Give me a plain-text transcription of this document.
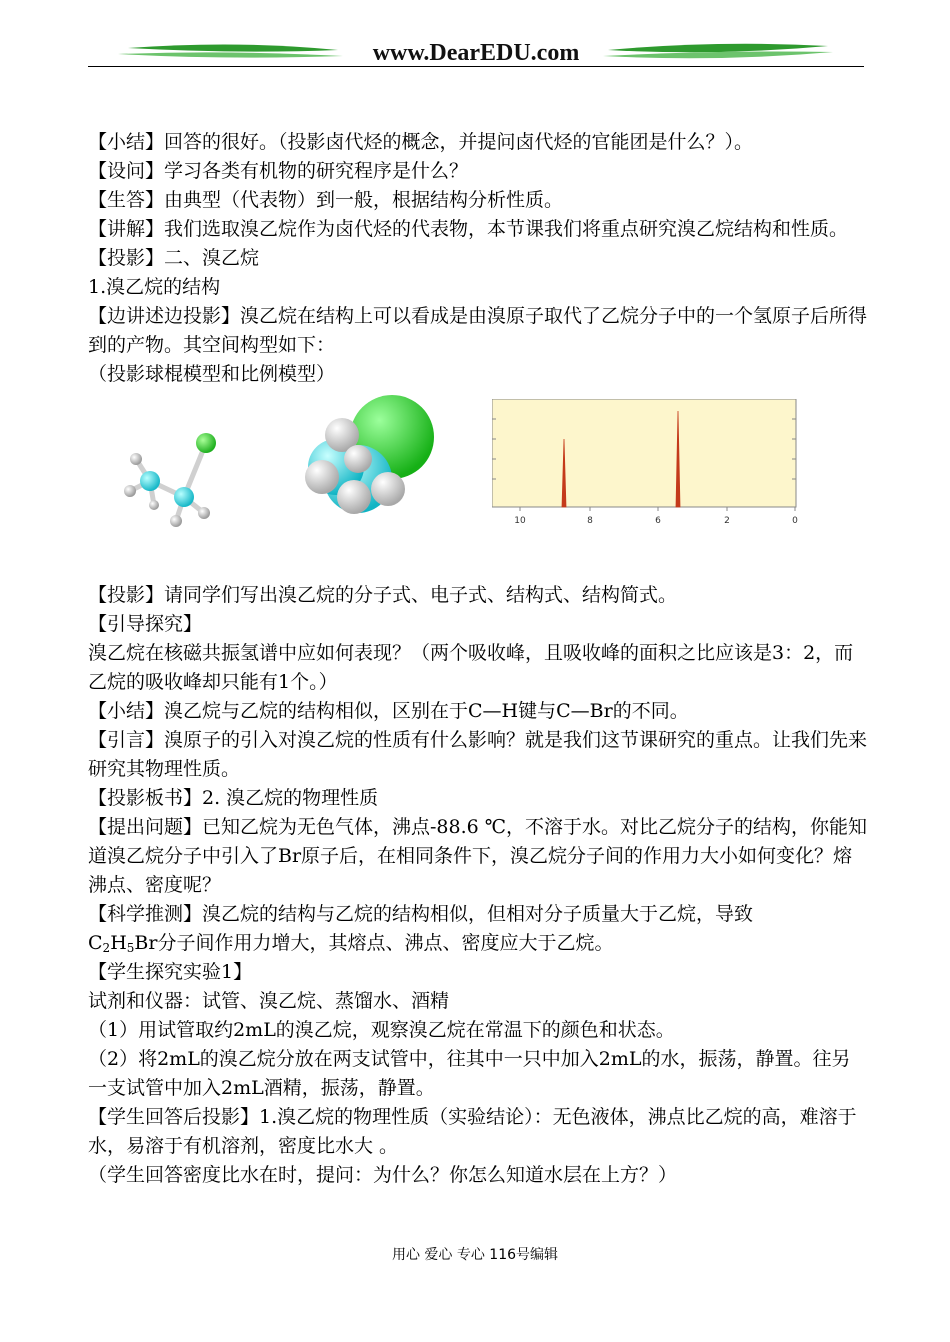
www.DearEDU.com

【小结】回答的很好。（投影卤代烃的概念，并提问卤代烃的官能团是什么？）。

【设问】学习各类有机物的研究程序是什么？

【生答】由典型（代表物）到一般，根据结构分析性质。

【讲解】我们选取溴乙烷作为卤代烃的代表物，本节课我们将重点研究溴乙烷结构和性质。

【投影】二、溴乙烷

1.溴乙烷的结构

【边讲述边投影】溴乙烷在结构上可以看成是由溴原子取代了乙烷分子中的一个氢原子后所得到的产物。其空间构型如下：

（投影球棍模型和比例模型）

10	8	6	2	0

【投影】请同学们写出溴乙烷的分子式、电子式、结构式、结构简式。

【引导探究】

溴乙烷在核磁共振氢谱中应如何表现？（两个吸收峰，且吸收峰的面积之比应该是3：2，而乙烷的吸收峰却只能有1个。）

【小结】溴乙烷与乙烷的结构相似，区别在于C—H键与C—Br的不同。

【引言】溴原子的引入对溴乙烷的性质有什么影响？就是我们这节课研究的重点。让我们先来研究其物理性质。

【投影板书】2. 溴乙烷的物理性质

【提出问题】已知乙烷为无色气体，沸点-88.6 ℃，不溶于水。对比乙烷分子的结构，你能知道溴乙烷分子中引入了Br原子后，在相同条件下，溴乙烷分子间的作用力大小如何变化？熔沸点、密度呢？

【科学推测】溴乙烷的结构与乙烷的结构相似，但相对分子质量大于乙烷，导致

$C_2H_5Br$分子间作用力增大，其熔点、沸点、密度应大于乙烷。

【学生探究实验1】

试剂和仪器：试管、溴乙烷、蒸馏水、酒精

（1）用试管取约2mL的溴乙烷，观察溴乙烷在常温下的颜色和状态。

（2）将2mL的溴乙烷分放在两支试管中，往其中一只中加入2mL的水，振荡，静置。往另一支试管中加入2mL酒精，振荡，静置。

【学生回答后投影】1.溴乙烷的物理性质（实验结论）：无色液体，沸点比乙烷的高，难溶于水，易溶于有机溶剂，密度比水大 。

（学生回答密度比水在时，提问：为什么？你怎么知道水层在上方？）

用心 爱心 专心 116号编辑
